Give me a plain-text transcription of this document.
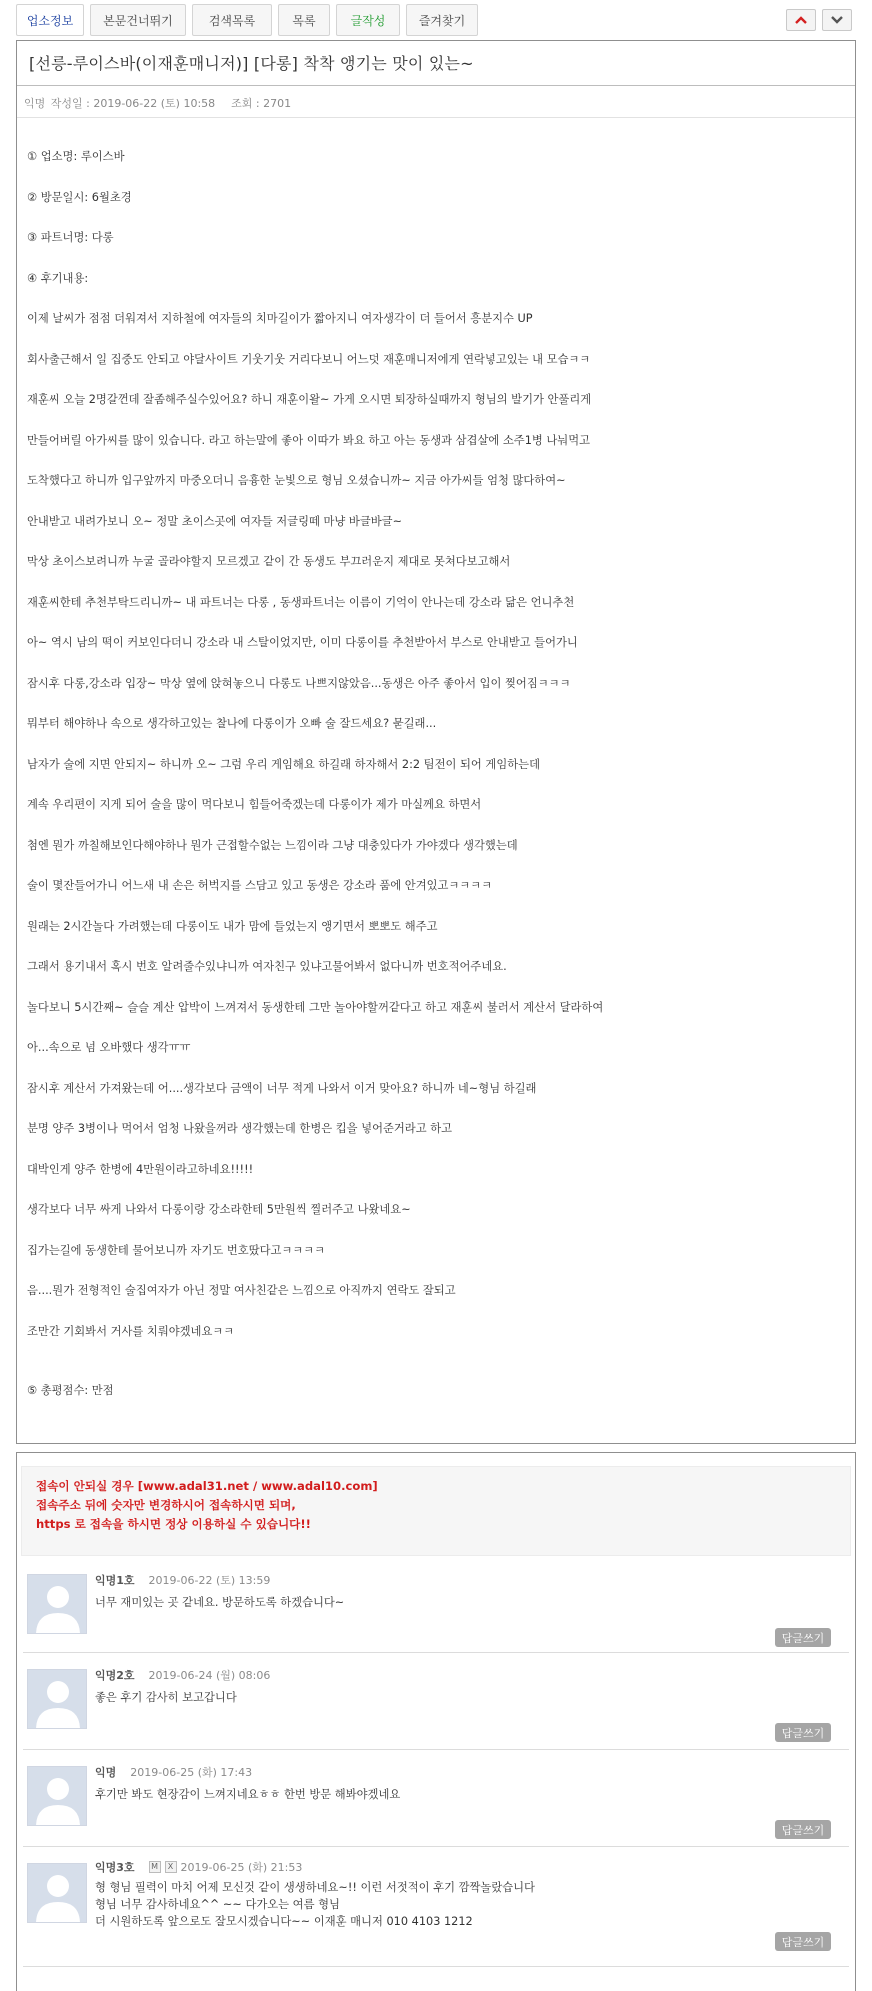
업소정보	본문건너뛰기	검색목록	목록	글작성	즐겨찾기
[선릉-루이스바(이재훈매니저)] [다롱] 착착 앵기는 맛이 있는~
익명 작성일 : 2019-06-22 (토) 10:58 조회 : 2701

① 업소명: 루이스바

② 방문일시: 6월초경

③ 파트너명: 다롱

④ 후기내용:

이제 날씨가 점점 더워져서 지하철에 여자들의 치마길이가 짧아지니 여자생각이 더 들어서 흥분지수 UP

회사출근해서 일 집중도 안되고 야달사이트 기웃기웃 거리다보니 어느덧 재훈매니저에게 연락넣고있는 내 모습ㅋㅋ

재훈씨 오늘 2명갈껀데 잘좀해주실수있어요? 하니 재훈이왈~ 가게 오시면 퇴장하실때까지 형님의 발기가 안풀리게

만들어버릴 아가씨를 많이 있습니다. 라고 하는말에 좋아 이따가 봐요 하고 아는 동생과 삼겹살에 소주1병 나눠먹고

도착했다고 하니까 입구앞까지 마중오더니 음흉한 눈빛으로 형님 오셨습니까~ 지금 아가씨들 엄청 많다하여~

안내받고 내려가보니 오~ 정말 초이스곳에 여자들 저글링떼 마냥 바글바글~

막상 초이스보려니까 누굴 골라야할지 모르겠고 같이 간 동생도 부끄러운지 제대로 못쳐다보고해서

재훈씨한테 추천부탁드리니까~ 내 파트너는 다롱 , 동생파트너는 이름이 기억이 안나는데 강소라 닮은 언니추천

아~ 역시 남의 떡이 커보인다더니 강소라 내 스탈이었지만, 이미 다롱이를 추천받아서 부스로 안내받고 들어가니

잠시후 다롱,강소라 입장~ 막상 옆에 앉혀놓으니 다롱도 나쁘지않았음...동생은 아주 좋아서 입이 찢어짐ㅋㅋㅋ

뭐부터 해야하나 속으로 생각하고있는 찰나에 다롱이가 오빠 술 잘드세요? 묻길래...

남자가 술에 지면 안되지~ 하니까 오~ 그럼 우리 게임해요 하길래 하자해서 2:2 팀전이 되어 게임하는데

계속 우리편이 지게 되어 술을 많이 먹다보니 힘들어죽겠는데 다롱이가 제가 마실께요 하면서

첨엔 뭔가 까칠해보인다해야하나 뭔가 근접할수없는 느낌이라 그냥 대충있다가 가야겠다 생각했는데

술이 몇잔들어가니 어느새 내 손은 허벅지를 스담고 있고 동생은 강소라 품에 안겨있고ㅋㅋㅋㅋ

원래는 2시간놀다 가려했는데 다롱이도 내가 맘에 들었는지 앵기면서 뽀뽀도 해주고

그래서 용기내서 혹시 번호 알려줄수있냐니까 여자친구 있냐고물어봐서 없다니까 번호적어주네요.

놀다보니 5시간째~ 슬슬 계산 압박이 느껴져서 동생한테 그만 놀아야할꺼같다고 하고 재훈씨 불러서 계산서 달라하여

아...속으로 넘 오바했다 생각ㅠㅠ

잠시후 계산서 가져왔는데 어....생각보다 금액이 너무 적게 나와서 이거 맞아요? 하니까 네~형님 하길래

분명 양주 3병이나 먹어서 엄청 나왔을꺼라 생각했는데 한병은 킵을 넣어준거라고 하고

대박인게 양주 한병에 4만원이라고하네요!!!!!

생각보다 너무 싸게 나와서 다롱이랑 강소라한테 5만원씩 찔러주고 나왔네요~

집가는길에 동생한테 물어보니까 자기도 번호땄다고ㅋㅋㅋㅋ

음....뭔가 전형적인 술집여자가 아닌 정말 여사친같은 느낌으로 아직까지 연락도 잘되고

조만간 기회봐서 거사를 치뤄야겠네요ㅋㅋ

⑤ 총평점수: 만점

접속이 안되실 경우 [www.adal31.net / www.adal10.com]

접속주소 뒤에 숫자만 변경하시어 접속하시면 되며,

https 로 접속을 하시면 정상 이용하실 수 있습니다!!

익명1호 2019-06-22 (토) 13:59
너무 재미있는 곳 같네요. 방문하도록 하겠습니다~
답글쓰기
익명2호 2019-06-24 (월) 08:06
좋은 후기 감사히 보고갑니다
답글쓰기
익명 2019-06-25 (화) 17:43
후기만 봐도 현장감이 느껴지네요ㅎㅎ 한번 방문 해봐야겠네요
답글쓰기
익명3호	M	X 2019-06-25 (화) 21:53
형 형님 필력이 마치 어제 모신것 같이 생생하네요~!! 이런 서젓적이 후기 깜짝놀랐습니다
형님 너무 감사하네요^^ ~~ 다가오는 여름 형님
더 시원하도록 앞으로도 잘모시겠습니다~~ 이재훈 매니저 010 4103 1212
답글쓰기
